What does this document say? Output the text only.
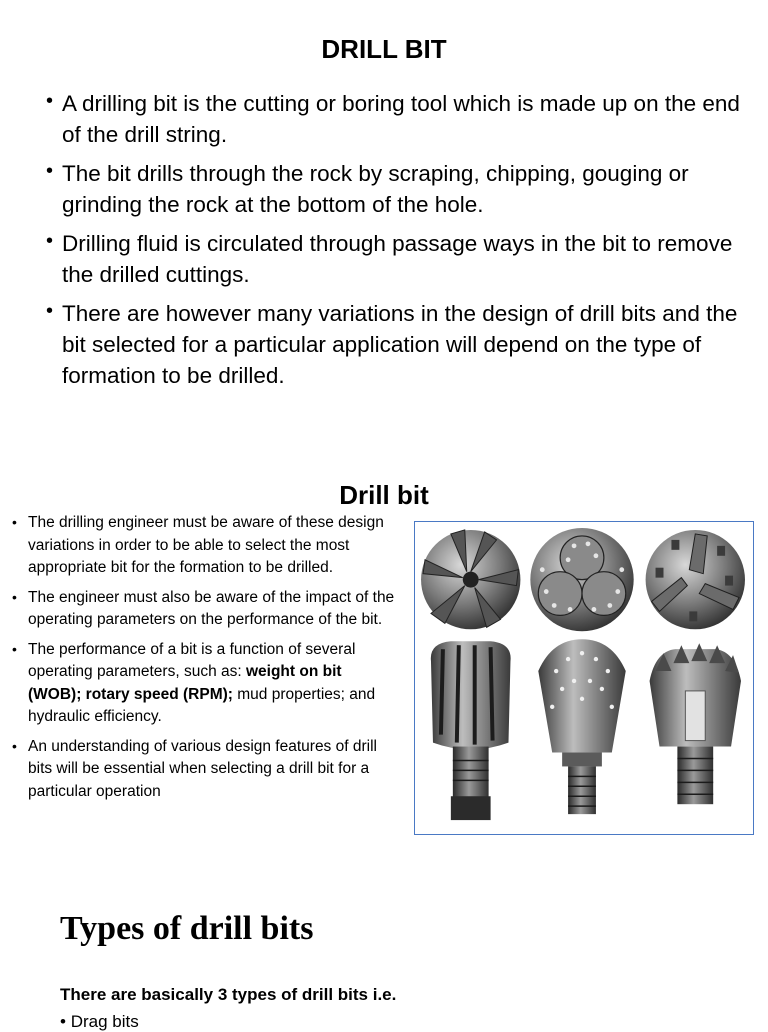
DRILL BIT
• A drilling bit is the cutting or boring tool which is made up on the end of the drill string.
• The bit drills through the rock by scraping, chipping, gouging or grinding the rock at the bottom of the hole.
• Drilling fluid is circulated through passage ways in the bit to remove the drilled cuttings.
• There are however many variations in the design of drill bits and the bit selected for a particular application will depend on the type of formation to be drilled.
Drill bit
• The drilling engineer must be aware of these design variations in order to be able to select the most appropriate bit for the formation to be drilled.
• The engineer must also be aware of the impact of the operating parameters on the performance of the bit.
• The performance of a bit is a function of several operating parameters, such as: weight on bit (WOB); rotary speed (RPM); mud properties; and hydraulic efficiency.
• An understanding of various design features of drill bits will be essential when selecting a drill bit for a particular operation
Types of drill bits
There are basically 3 types of drill bits i.e.
• Drag bits
